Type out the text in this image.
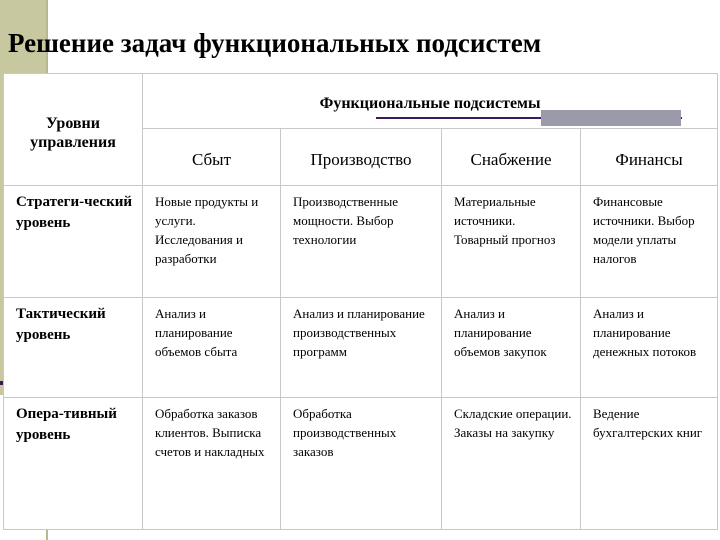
Решение задач функциональных подсистем
Уровни управления	Функциональные подсистемы			
	Сбыт	Производство	Снабжение	Финансы
Стратеги-ческий уровень	Новые продукты и услуги. Исследования и разработки	Производственные мощности. Выбор технологии	Материальные источники. Товарный прогноз	Финансовые источники. Выбор модели уплаты налогов
Тактический уровень	Анализ и планирование объемов сбыта	Анализ и планирование производственных программ	Анализ и планирование объемов закупок	Анализ и планирование денежных потоков
Опера-тивный уровень	Обработка заказов клиентов. Выписка счетов и накладных	Обработка производственных заказов	Складские операции. Заказы на закупку	Ведение бухгалтерских книг
